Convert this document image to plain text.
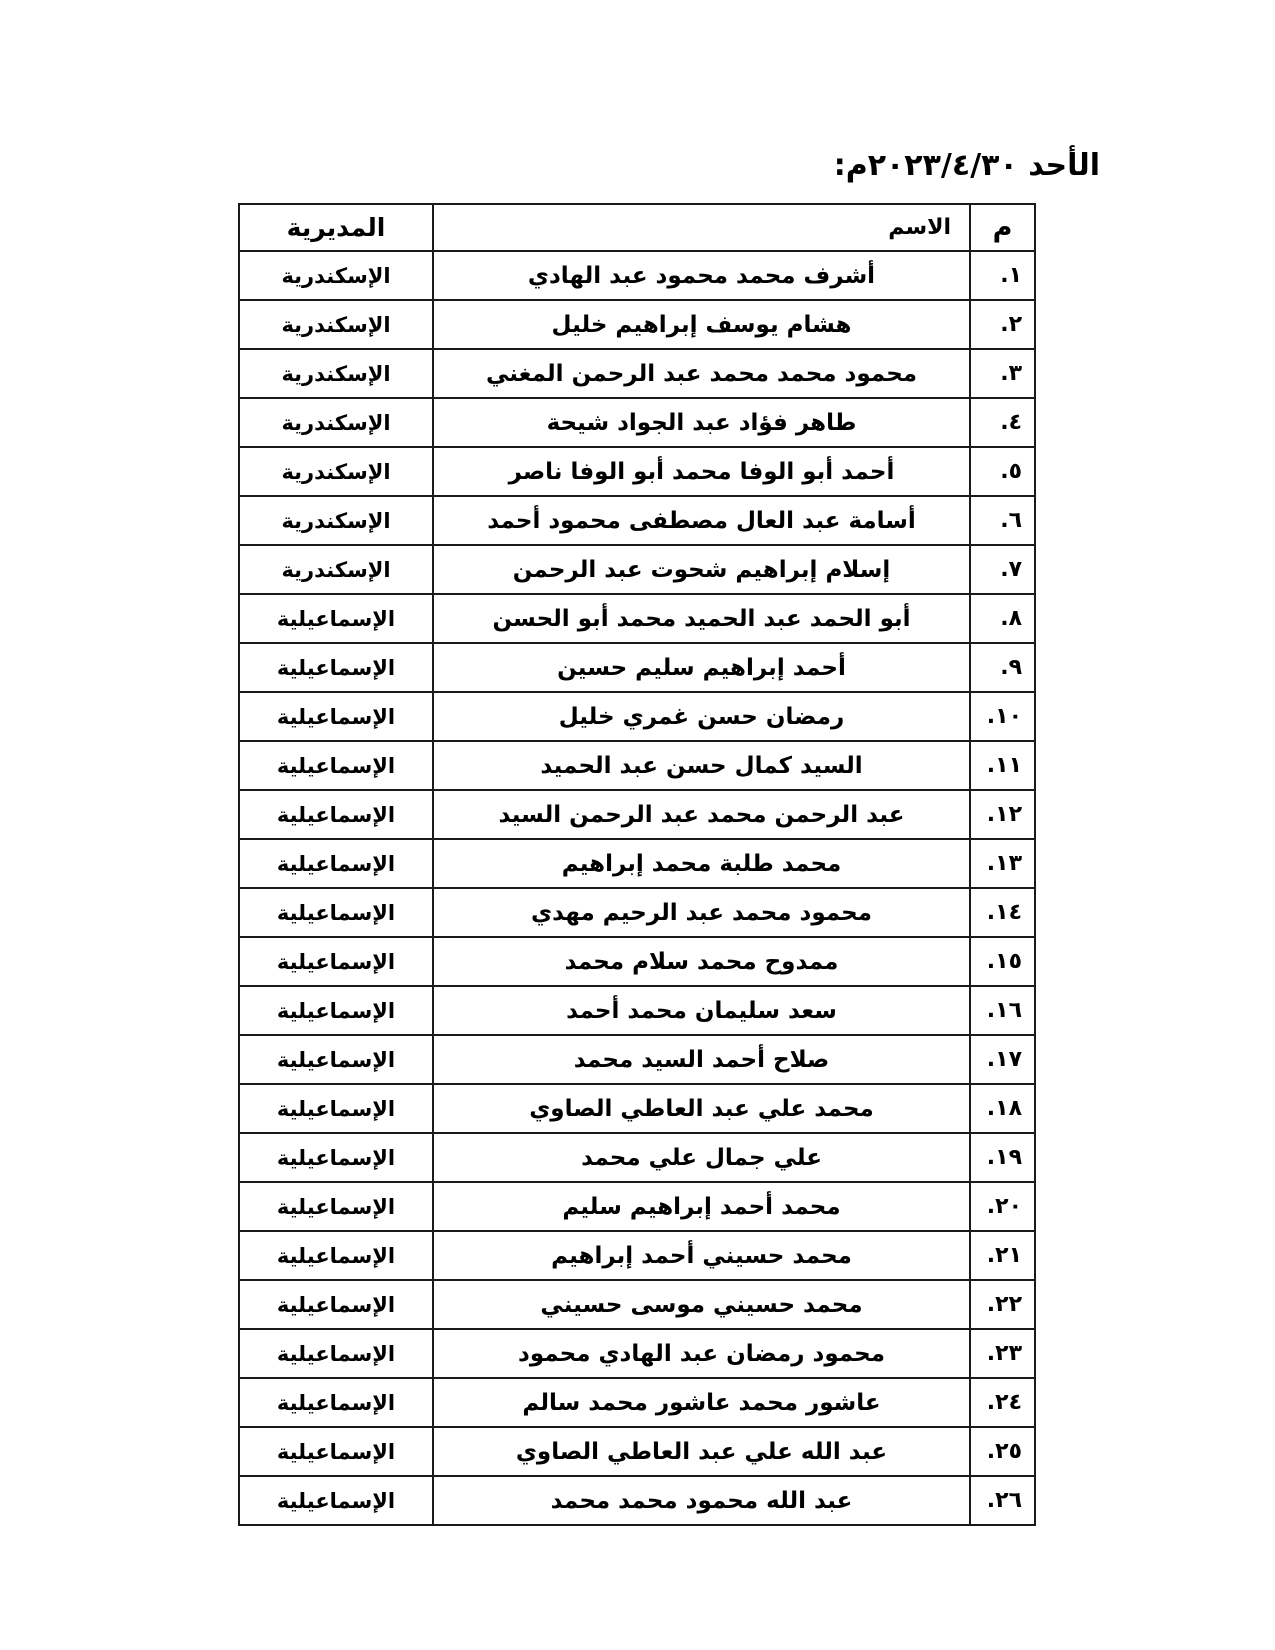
الأحد ٢٠٢٣/٤/٣٠م:
م	الاسم	المديرية
١.	أشرف محمد محمود عبد الهادي	الإسكندرية
٢.	هشام يوسف إبراهيم خليل	الإسكندرية
٣.	محمود محمد محمد عبد الرحمن المغني	الإسكندرية
٤.	طاهر فؤاد عبد الجواد شيحة	الإسكندرية
٥.	أحمد أبو الوفا محمد أبو الوفا ناصر	الإسكندرية
٦.	أسامة عبد العال مصطفى محمود أحمد	الإسكندرية
٧.	إسلام إبراهيم شحوت عبد الرحمن	الإسكندرية
٨.	أبو الحمد عبد الحميد محمد أبو الحسن	الإسماعيلية
٩.	أحمد إبراهيم سليم حسين	الإسماعيلية
١٠.	رمضان حسن غمري خليل	الإسماعيلية
١١.	السيد كمال حسن عبد الحميد	الإسماعيلية
١٢.	عبد الرحمن محمد عبد الرحمن السيد	الإسماعيلية
١٣.	محمد طلبة محمد إبراهيم	الإسماعيلية
١٤.	محمود محمد عبد الرحيم مهدي	الإسماعيلية
١٥.	ممدوح محمد سلام محمد	الإسماعيلية
١٦.	سعد سليمان محمد أحمد	الإسماعيلية
١٧.	صلاح أحمد السيد محمد	الإسماعيلية
١٨.	محمد علي عبد العاطي الصاوي	الإسماعيلية
١٩.	علي جمال علي محمد	الإسماعيلية
٢٠.	محمد أحمد إبراهيم سليم	الإسماعيلية
٢١.	محمد حسيني أحمد إبراهيم	الإسماعيلية
٢٢.	محمد حسيني موسى حسيني	الإسماعيلية
٢٣.	محمود رمضان عبد الهادي محمود	الإسماعيلية
٢٤.	عاشور محمد عاشور محمد سالم	الإسماعيلية
٢٥.	عبد الله علي عبد العاطي الصاوي	الإسماعيلية
٢٦.	عبد الله محمود محمد محمد	الإسماعيلية
